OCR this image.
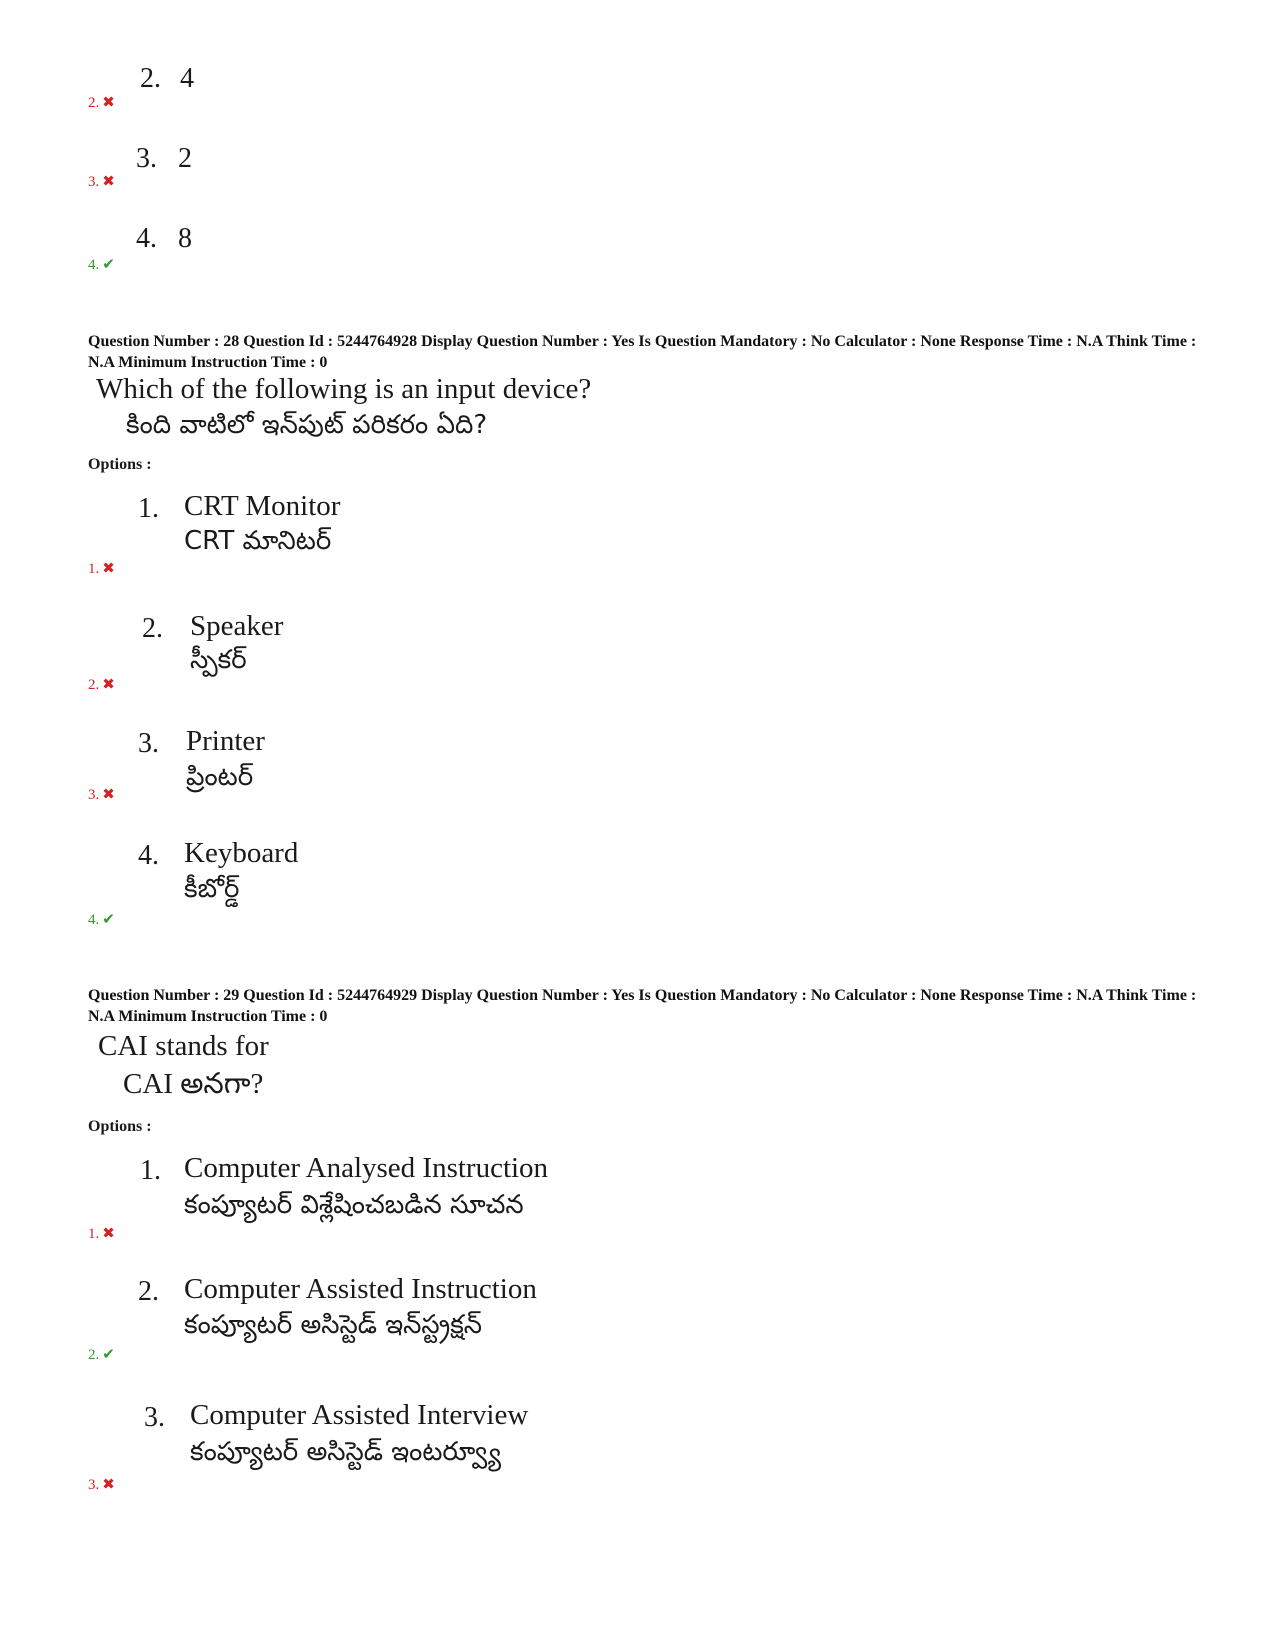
2. 4
2. ✖
3. 2
3. ✖
4. 8
4. ✔
Question Number : 28 Question Id : 5244764928 Display Question Number : Yes Is Question Mandatory : No Calculator : None Response Time : N.A Think Time : N.A Minimum Instruction Time : 0
Which of the following is an input device?
కింది వాటిలో ఇన్‌పుట్ పరికరం ఏది?
Options :
1. CRT Monitor
CRT మానిటర్
1. ✖
2. Speaker
స్పీకర్
2. ✖
3. Printer
ప్రింటర్
3. ✖
4. Keyboard
కీబోర్డ్
4. ✔
Question Number : 29 Question Id : 5244764929 Display Question Number : Yes Is Question Mandatory : No Calculator : None Response Time : N.A Think Time : N.A Minimum Instruction Time : 0
CAI stands for
CAI అనగా?
Options :
1. Computer Analysed Instruction
కంప్యూటర్ విశ్లేషించబడిన సూచన
1. ✖
2. Computer Assisted Instruction
కంప్యూటర్ అసిస్టెడ్ ఇన్‌స్ట్రక్షన్
2. ✔
3. Computer Assisted Interview
కంప్యూటర్ అసిస్టెడ్ ఇంటర్వ్యూ
3. ✖
